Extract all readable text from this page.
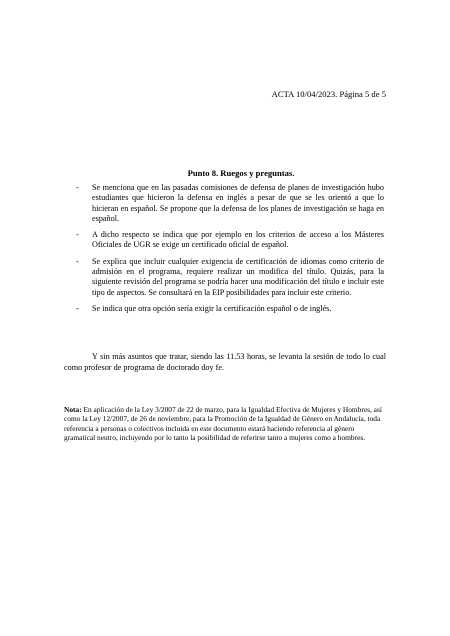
ACTA 10/04/2023. Página 5 de 5
Punto 8. Ruegos y preguntas.
- Se menciona que en las pasadas comisiones de defensa de planes de investigación hubo estudiantes que hicieron la defensa en inglés a pesar de que se les orientó a que lo hicieran en español. Se propone que la defensa de los planes de investigación se haga en español.
- A dicho respecto se indica que por ejemplo en los criterios de acceso a los Másteres Oficiales de UGR se exige un certificado oficial de español.
- Se explica que incluir cualquier exigencia de certificación de idiomas como criterio de admisión en el programa, requiere realizar un modifica del título. Quizás, para la siguiente revisión del programa se podría hacer una modificación del título e incluir este tipo de aspectos. Se consultará en la EIP posibilidades para incluir este criterio.
- Se indica que otra opción sería exigir la certificación español o de inglés.

Y sin más asuntos que tratar, siendo las 11.53 horas, se levanta la sesión de todo lo cual como profesor de programa de doctorado doy fe.

Nota: En aplicación de la Ley 3/2007 de 22 de marzo, para la Igualdad Efectiva de Mujeres y Hombres, así como la Ley 12/2007, de 26 de noviembre, para la Promoción de la Igualdad de Género en Andalucía, toda referencia a personas o colectivos incluida en este documento estará haciendo referencia al género gramatical neutro, incluyendo por lo tanto la posibilidad de referirse tanto a mujeres como a hombres.
